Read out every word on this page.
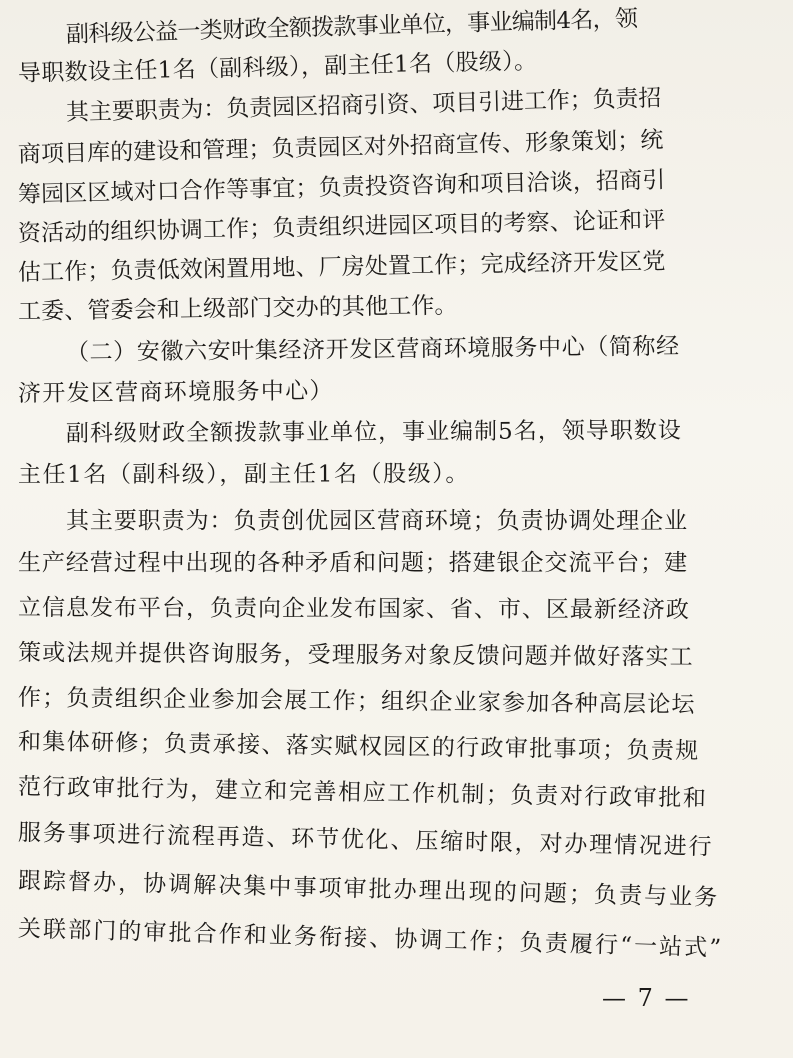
副科级公益一类财政全额拨款事业单位，事业编制4名，领
导职数设主任1名（副科级），副主任1名（股级）。
其主要职责为：负责园区招商引资、项目引进工作；负责招
商项目库的建设和管理；负责园区对外招商宣传、形象策划；统
筹园区区域对口合作等事宜；负责投资咨询和项目洽谈，招商引
资活动的组织协调工作；负责组织进园区项目的考察、论证和评
估工作；负责低效闲置用地、厂房处置工作；完成经济开发区党
工委、管委会和上级部门交办的其他工作。
（二）安徽六安叶集经济开发区营商环境服务中心（简称经
济开发区营商环境服务中心）
副科级财政全额拨款事业单位，事业编制5名，领导职数设
主任1名（副科级），副主任1名（股级）。
其主要职责为：负责创优园区营商环境；负责协调处理企业
生产经营过程中出现的各种矛盾和问题；搭建银企交流平台；建
立信息发布平台，负责向企业发布国家、省、市、区最新经济政
策或法规并提供咨询服务，受理服务对象反馈问题并做好落实工
作；负责组织企业参加会展工作；组织企业家参加各种高层论坛
和集体研修；负责承接、落实赋权园区的行政审批事项；负责规
范行政审批行为，建立和完善相应工作机制；负责对行政审批和
服务事项进行流程再造、环节优化、压缩时限，对办理情况进行
跟踪督办，协调解决集中事项审批办理出现的问题；负责与业务
关联部门的审批合作和业务衔接、协调工作；负责履行“一站式”
— 7 —
